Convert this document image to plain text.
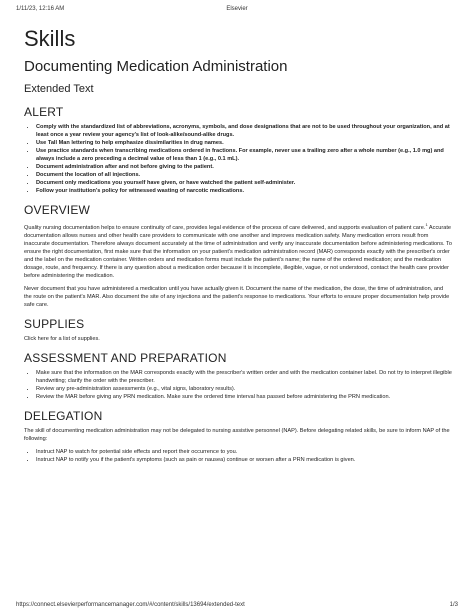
1/11/23, 12:16 AM	Elsevier
Skills
Documenting Medication Administration
Extended Text
ALERT
• Comply with the standardized list of abbreviations, acronyms, symbols, and dose designations that are not to be used throughout your organization, and at least once a year review your agency's list of look-alike/sound-alike drugs.
• Use Tall Man lettering to help emphasize dissimilarities in drug names.
• Use practice standards when transcribing medications ordered in fractions. For example, never use a trailing zero after a whole number (e.g., 1.0 mg) and always include a zero preceding a decimal value of less than 1 (e.g., 0.1 mL).
• Document administration after and not before giving to the patient.
• Document the location of all injections.
• Document only medications you yourself have given, or have watched the patient self-administer.
• Follow your institution's policy for witnessed wasting of narcotic medications.
OVERVIEW

Quality nursing documentation helps to ensure continuity of care, provides legal evidence of the process of care delivered, and supports evaluation of patient care.$^1$ Accurate documentation allows nurses and other health care providers to communicate with one another and improves medication safety. Many medication errors result from inaccurate documentation. Therefore always document accurately at the time of administration and verify any inaccurate documentation before administering medications. To ensure the right documentation, first make sure that the information on your patient's medication administration record (MAR) corresponds exactly with the prescriber's order and the label on the medication container. Written orders and medication forms must include the patient's name; the name of the ordered medication; and the medication dosage, route, and frequency. If there is any question about a medication order because it is incomplete, illegible, vague, or not understood, contact the health care provider before administering the medication.

Never document that you have administered a medication until you have actually given it. Document the name of the medication, the dose, the time of administration, and the route on the patient's MAR. Also document the site of any injections and the patient's response to medications. Your efforts to ensure proper documentation help provide safe care.

SUPPLIES

Click here for a list of supplies.

ASSESSMENT AND PREPARATION
• Make sure that the information on the MAR corresponds exactly with the prescriber's written order and with the medication container label. Do not try to interpret illegible handwriting; clarify the order with the prescriber.
• Review any pre-administration assessments (e.g., vital signs, laboratory results).
• Review the MAR before giving any PRN medication. Make sure the ordered time interval has passed before administering the PRN medication.
DELEGATION

The skill of documenting medication administration may not be delegated to nursing assistive personnel (NAP). Before delegating related skills, be sure to inform NAP of the following:

• Instruct NAP to watch for potential side effects and report their occurrence to you.
• Instruct NAP to notify you if the patient's symptoms (such as pain or nausea) continue or worsen after a PRN medication is given.
https://connect.elsevierperformancemanager.com/#/content/skills/13694/extended-text	1/3
